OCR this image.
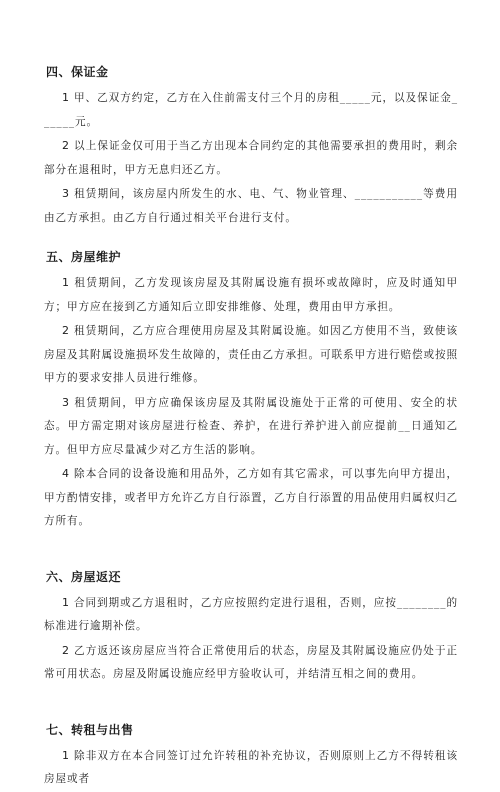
四、保证金

1 甲、乙双方约定，乙方在入住前需支付三个月的房租_____元，以及保证金______元。

2 以上保证金仅可用于当乙方出现本合同约定的其他需要承担的费用时，剩余部分在退租时，甲方无息归还乙方。

3 租赁期间，该房屋内所发生的水、电、气、物业管理、___________等费用由乙方承担。由乙方自行通过相关平台进行支付。

五、房屋维护

1 租赁期间，乙方发现该房屋及其附属设施有损坏或故障时，应及时通知甲方；甲方应在接到乙方通知后立即安排维修、处理，费用由甲方承担。

2 租赁期间，乙方应合理使用房屋及其附属设施。如因乙方使用不当，致使该房屋及其附属设施损坏发生故障的，责任由乙方承担。可联系甲方进行赔偿或按照甲方的要求安排人员进行维修。

3 租赁期间，甲方应确保该房屋及其附属设施处于正常的可使用、安全的状态。甲方需定期对该房屋进行检查、养护，在进行养护进入前应提前__日通知乙方。但甲方应尽量减少对乙方生活的影响。

4 除本合同的设备设施和用品外，乙方如有其它需求，可以事先向甲方提出，甲方酌情安排，或者甲方允许乙方自行添置，乙方自行添置的用品使用归属权归乙方所有。

六、房屋返还

1 合同到期或乙方退租时，乙方应按照约定进行退租，否则，应按________的标准进行逾期补偿。

2 乙方返还该房屋应当符合正常使用后的状态，房屋及其附属设施应仍处于正常可用状态。房屋及附属设施应经甲方验收认可，并结清互相之间的费用。

七、转租与出售

1 除非双方在本合同签订过允许转租的补充协议，否则原则上乙方不得转租该房屋或者
